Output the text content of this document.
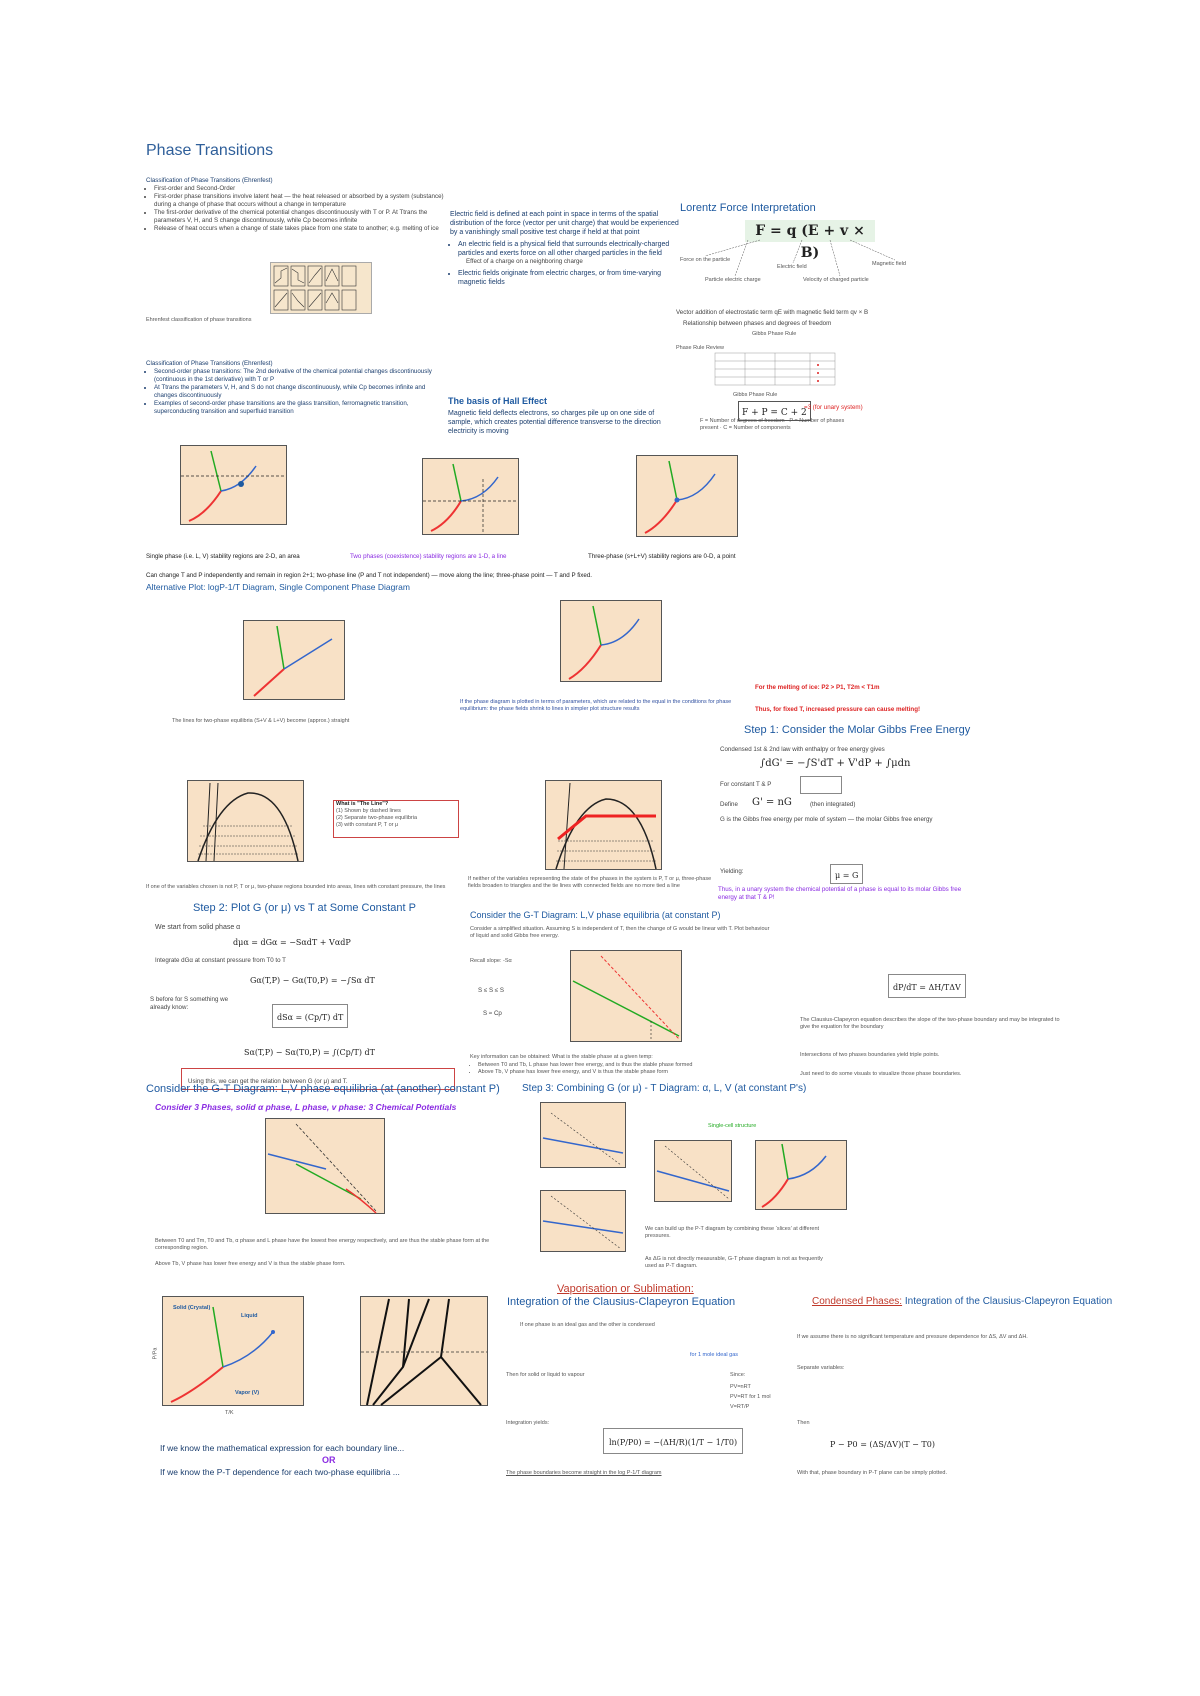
Phase Transitions
Classification of Phase Transitions (Ehrenfest)
• First-order and Second-Order
• First-order phase transitions involve latent heat — the heat released or absorbed by a system (substance) during a change of phase that occurs without a change in temperature
• The first-order derivative of the chemical potential changes discontinuously with T or P. At Ttrans the parameters V, H, and S change discontinuously, while Cp becomes infinite
• Release of heat occurs when a change of state takes place from one state to another; e.g. melting of ice
Ehrenfest classification of phase transitions
Electric field is defined at each point in space in terms of the spatial distribution of the force (vector per unit charge) that would be experienced by a vanishingly small positive test charge if held at that point
• An electric field is a physical field that surrounds electrically-charged particles and exerts force on all other charged particles in the field
Effect of a charge on a neighboring charge
• Electric fields originate from electric charges, or from time-varying magnetic fields
Lorentz Force Interpretation
F = q (E + v × B)
Force on the particle
Electric field	Magnetic field
Particle electric charge	Velocity of charged particle
Vector addition of electrostatic term qE with magnetic field term qv × B
Relationship between phases and degrees of freedom
Gibbs Phase Rule
Phase Rule Review
Gibbs Phase Rule
F + P = C + 2
=3 (for unary system)
F = Number of degrees of freedom · P = Number of phases present · C = Number of components
Classification of Phase Transitions (Ehrenfest)
• Second-order phase transitions: The 2nd derivative of the chemical potential changes discontinuously (continuous in the 1st derivative) with T or P
• At Ttrans the parameters V, H, and S do not change discontinuously, while Cp becomes infinite and changes discontinuously
• Examples of second-order phase transitions are the glass transition, ferromagnetic transition, superconducting transition and superfluid transition
The basis of Hall Effect
Magnetic field deflects electrons, so charges pile up on one side of sample, which creates potential difference transverse to the direction electricity is moving
Single phase (i.e. L, V) stability regions are 2-D, an area	Two phases (coexistence) stability regions are 1-D, a line	Three-phase (s+L+V) stability regions are 0-D, a point
Can change T and P independently and remain in region 2+1; two-phase line (P and T not independent) — move along the line; three-phase point — T and P fixed.
Alternative Plot: logP-1/T Diagram, Single Component Phase Diagram
The lines for two-phase equilibria (S+V & L+V) become (approx.) straight
If the phase diagram is plotted in terms of parameters, which are related to the equal in the conditions for phase equilibrium: the phase fields shrink to lines in simpler plot structure results
For the melting of ice: P2 > P1, T2m < T1m
Thus, for fixed T, increased pressure can cause melting!
Step 1: Consider the Molar Gibbs Free Energy
Condensed 1st & 2nd law with enthalpy or free energy gives
∫dG' = −∫S'dT + V'dP + ∫μdn
For constant T & P
Define G' = nG	(then integrated)
G is the Gibbs free energy per mole of system — the molar Gibbs free energy
Yielding:	μ = G
Thus, in a unary system the chemical potential of a phase is equal to its molar Gibbs free energy at that T & P!
What is "The Line"?
(1) Shown by dashed lines
(2) Separate two-phase equilibria
(3) with constant P, T or μ
If one of the variables chosen is not P, T or μ, two-phase regions bounded into areas, lines with constant pressure, the lines
If neither of the variables representing the state of the phases in the system is P, T or μ, three-phase fields broaden to triangles and the tie lines with connected fields are no more tied a line
Step 2: Plot G (or μ) vs T at Some Constant P
We start from solid phase α
dμα = dGα = −SαdT + VαdP
Integrate dGα at constant pressure from T0 to T
Gα(T,P) − Gα(T0,P) = −∫Sα dT
S before for S something we already know:
dSα = (Cp/T) dT
Sα(T,P) − Sα(T0,P) = ∫(Cp/T) dT
Using this, we can get the relation between G (or μ) and T.
Consider the G-T Diagram: L,V phase equilibria (at constant P)
Consider a simplified situation. Assuming S is independent of T, then the change of G would be linear with T. Plot behaviour of liquid and solid Gibbs free energy.
Recall slope: -Sα
S ≤ S ≤ S
S ≈ Cp
Key information can be obtained: What is the stable phase at a given temp:
• Between T0 and Tb, L phase has lower free energy, and is thus the stable phase formed
• Above Tb, V phase has lower free energy, and V is thus the stable phase form
dP/dT = ΔH/TΔV
The Clausius-Clapeyron equation describes the slope of the two-phase boundary and may be integrated to give the equation for the boundary
Intersections of two phases boundaries yield triple points.
Just need to do some visuals to visualize those phase boundaries.
Consider the G-T Diagram: L,V phase equilibria (at (another) constant P)
Consider 3 Phases, solid α phase, L phase, v phase: 3 Chemical Potentials
Between T0 and Tm, T0 and Tb, α phase and L phase have the lowest free energy respectively, and are thus the stable phase form at the corresponding region.
Above Tb, V phase has lower free energy and V is thus the stable phase form.
Step 3: Combining G (or μ) - T Diagram: α, L, V (at constant P's)
Single-cell structure
We can build up the P-T diagram by combining these ‘slices’ at different pressures.
As ΔG is not directly measurable, G-T phase diagram is not as frequently used as P-T diagram.
Solid (Crystal)
Liquid
Vapor (V)
P/Pa
T/K
If we know the mathematical expression for each boundary line...
OR
If we know the P-T dependence for each two-phase equilibria ...
Vaporisation or Sublimation:
Integration of the Clausius-Clapeyron Equation
If one phase is an ideal gas and the other is condensed
for 1 mole ideal gas
Then for solid or liquid to vapour	Since:
PV=nRT
PV=RT for 1 mol
V=RT/P
Integration yields:
ln(P/P0) = −(ΔH/R)(1/T − 1/T0)
The phase boundaries become straight in the log P-1/T diagram
Condensed Phases: Integration of the Clausius-Clapeyron Equation
If we assume there is no significant temperature and pressure dependence for ΔS, ΔV and ΔH.
Separate variables:
Then
P − P0 = (ΔS/ΔV)(T − T0)
With that, phase boundary in P-T plane can be simply plotted.
